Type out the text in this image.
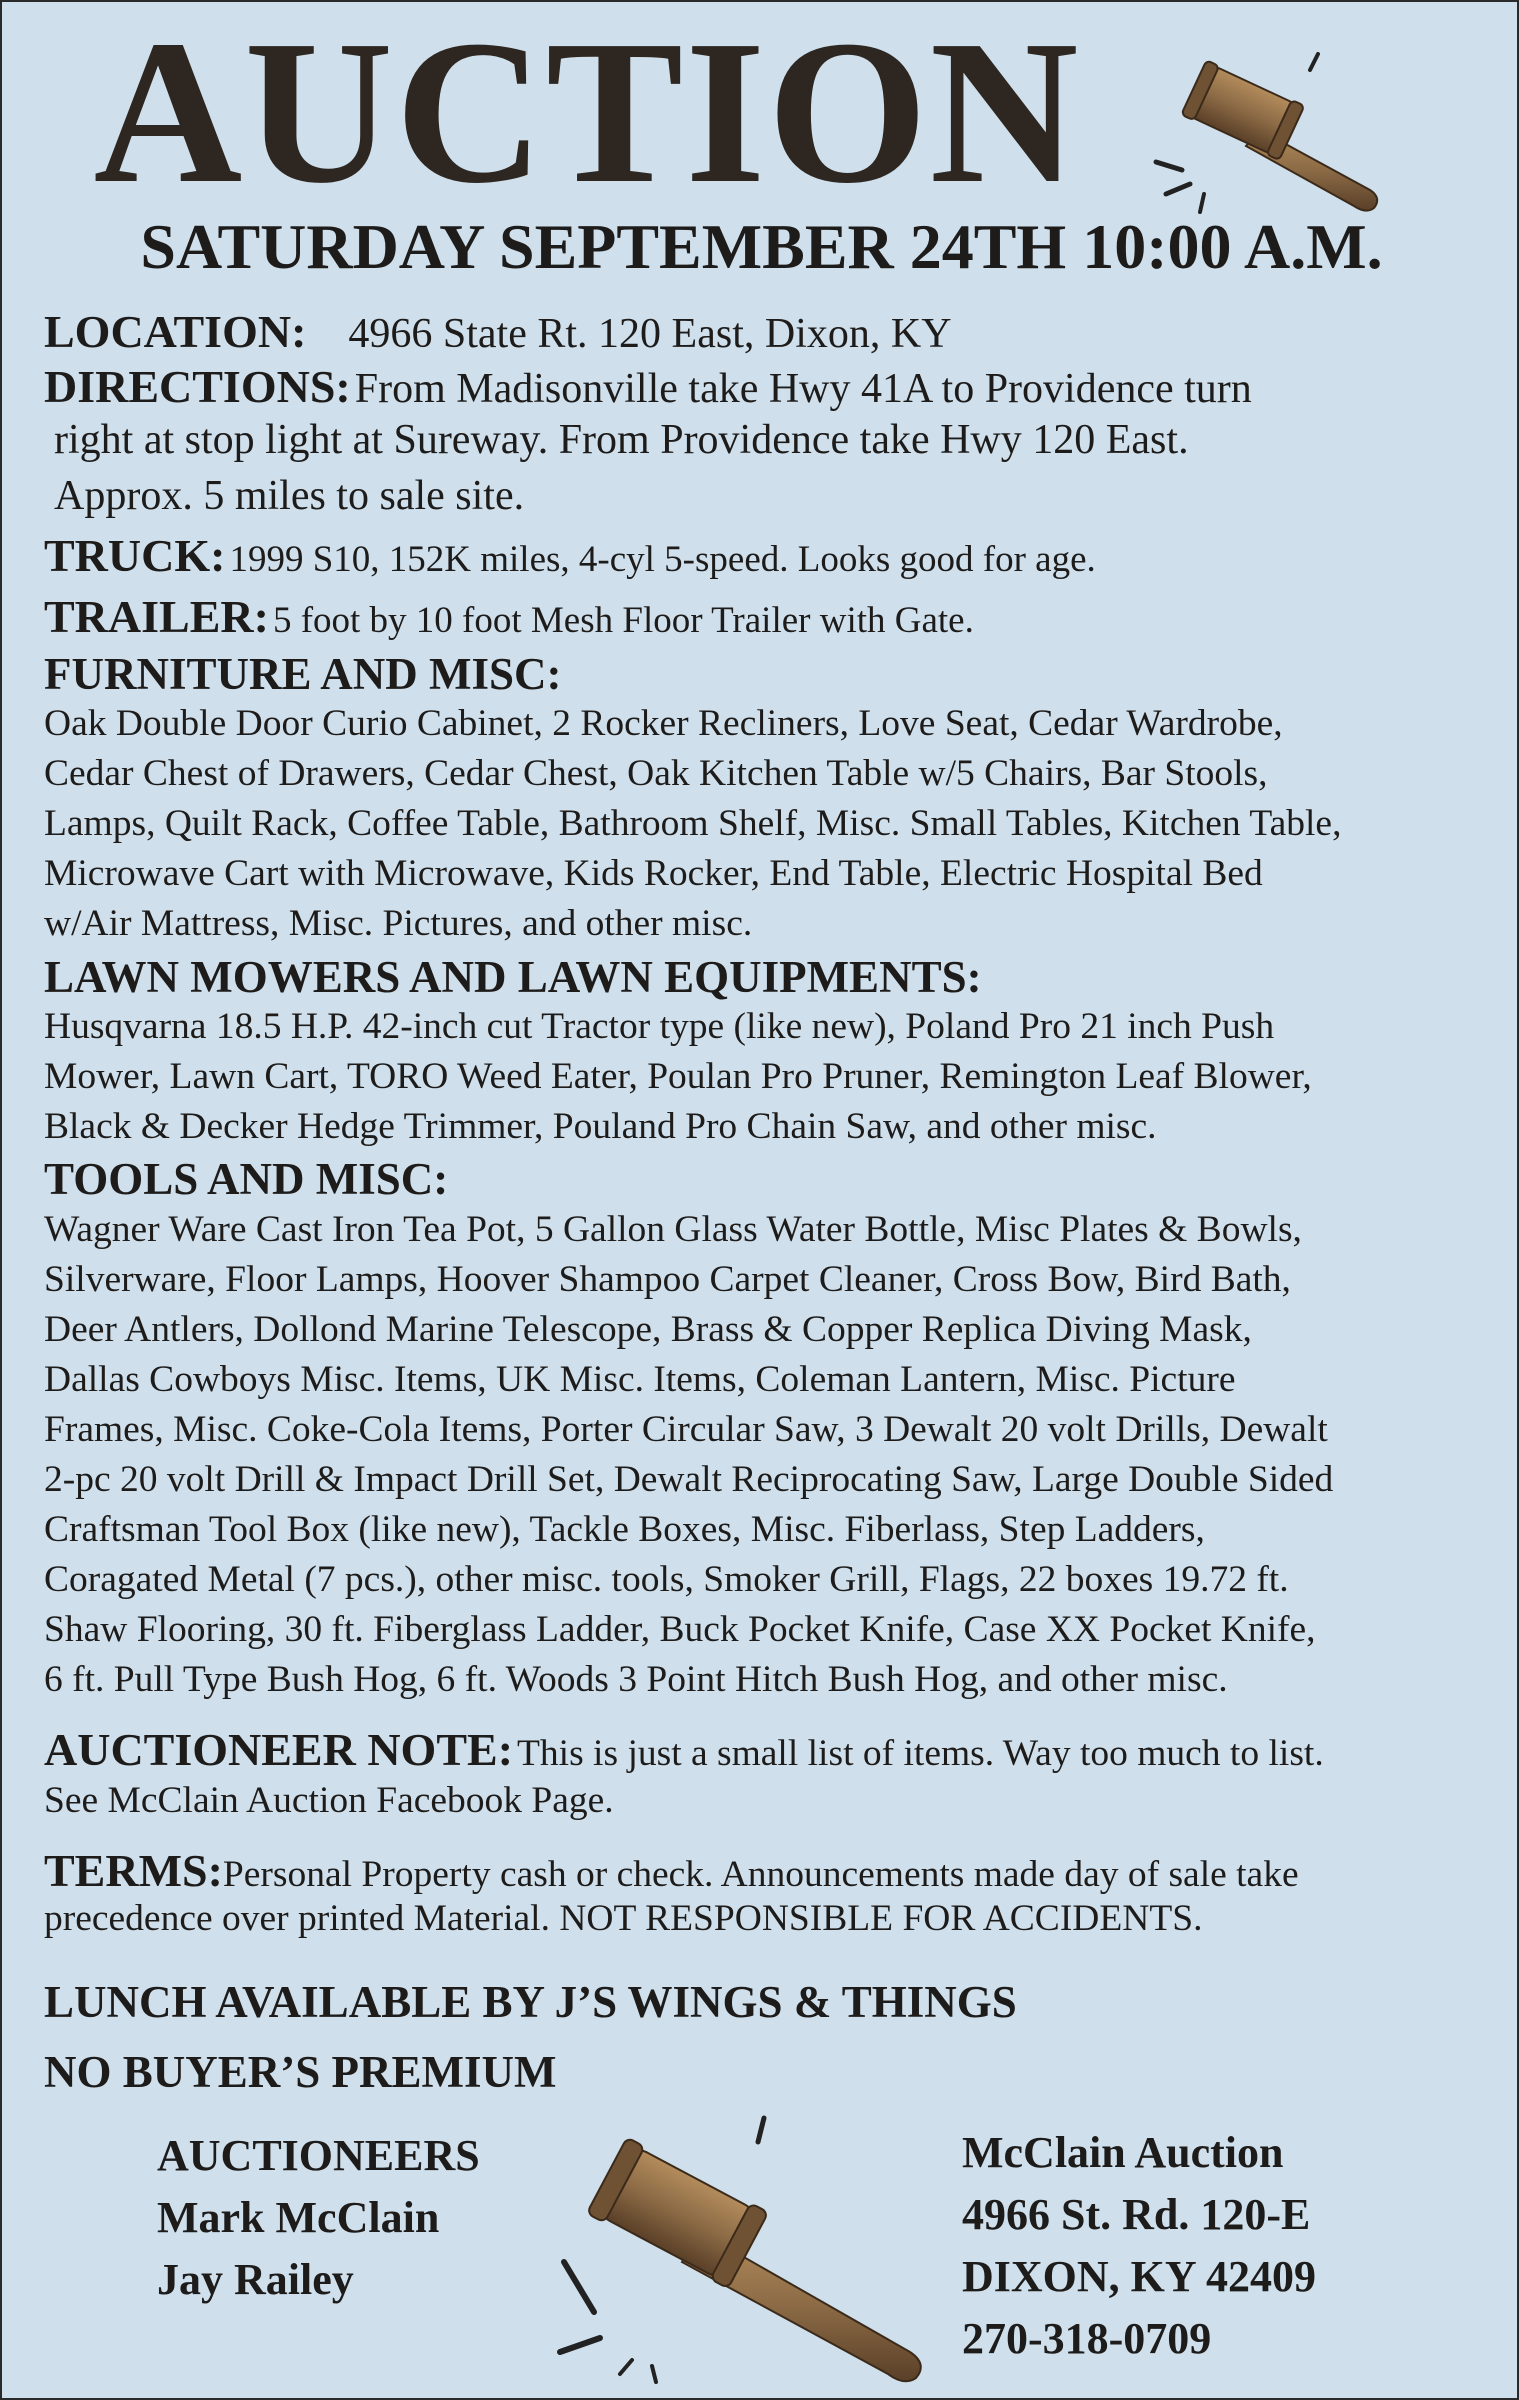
AUCTION
SATURDAY SEPTEMBER 24TH 10:00 A.M.
LOCATION: 4966 State Rt. 120 East, Dixon, KY
DIRECTIONS: From Madisonville take Hwy 41A to Providence turn
right at stop light at Sureway. From Providence take Hwy 120 East.
Approx. 5 miles to sale site.
TRUCK: 1999 S10, 152K miles, 4-cyl 5-speed. Looks good for age.
TRAILER: 5 foot by 10 foot Mesh Floor Trailer with Gate.
FURNITURE AND MISC:
Oak Double Door Curio Cabinet, 2 Rocker Recliners, Love Seat, Cedar Wardrobe,
Cedar Chest of Drawers, Cedar Chest, Oak Kitchen Table w/5 Chairs, Bar Stools,
Lamps, Quilt Rack, Coffee Table, Bathroom Shelf, Misc. Small Tables, Kitchen Table,
Microwave Cart with Microwave, Kids Rocker, End Table, Electric Hospital Bed
w/Air Mattress, Misc. Pictures, and other misc.
LAWN MOWERS AND LAWN EQUIPMENTS:
Husqvarna 18.5 H.P. 42-inch cut Tractor type (like new), Poland Pro 21 inch Push
Mower, Lawn Cart, TORO Weed Eater, Poulan Pro Pruner, Remington Leaf Blower,
Black & Decker Hedge Trimmer, Pouland Pro Chain Saw, and other misc.
TOOLS AND MISC:
Wagner Ware Cast Iron Tea Pot, 5 Gallon Glass Water Bottle, Misc Plates & Bowls,
Silverware, Floor Lamps, Hoover Shampoo Carpet Cleaner, Cross Bow, Bird Bath,
Deer Antlers, Dollond Marine Telescope, Brass & Copper Replica Diving Mask,
Dallas Cowboys Misc. Items, UK Misc. Items, Coleman Lantern, Misc. Picture
Frames, Misc. Coke-Cola Items, Porter Circular Saw, 3 Dewalt 20 volt Drills, Dewalt
2-pc 20 volt Drill & Impact Drill Set, Dewalt Reciprocating Saw, Large Double Sided
Craftsman Tool Box (like new), Tackle Boxes, Misc. Fiberlass, Step Ladders,
Coragated Metal (7 pcs.), other misc. tools, Smoker Grill, Flags, 22 boxes 19.72 ft.
Shaw Flooring, 30 ft. Fiberglass Ladder, Buck Pocket Knife, Case XX Pocket Knife,
6 ft. Pull Type Bush Hog, 6 ft. Woods 3 Point Hitch Bush Hog, and other misc.
AUCTIONEER NOTE: This is just a small list of items. Way too much to list.
See McClain Auction Facebook Page.
TERMS:Personal Property cash or check. Announcements made day of sale take
precedence over printed Material. NOT RESPONSIBLE FOR ACCIDENTS.
LUNCH AVAILABLE BY J’S WINGS & THINGS
NO BUYER’S PREMIUM
AUCTIONEERS
Mark McClain
Jay Railey
McClain Auction
4966 St. Rd. 120-E
DIXON, KY 42409
270-318-0709
